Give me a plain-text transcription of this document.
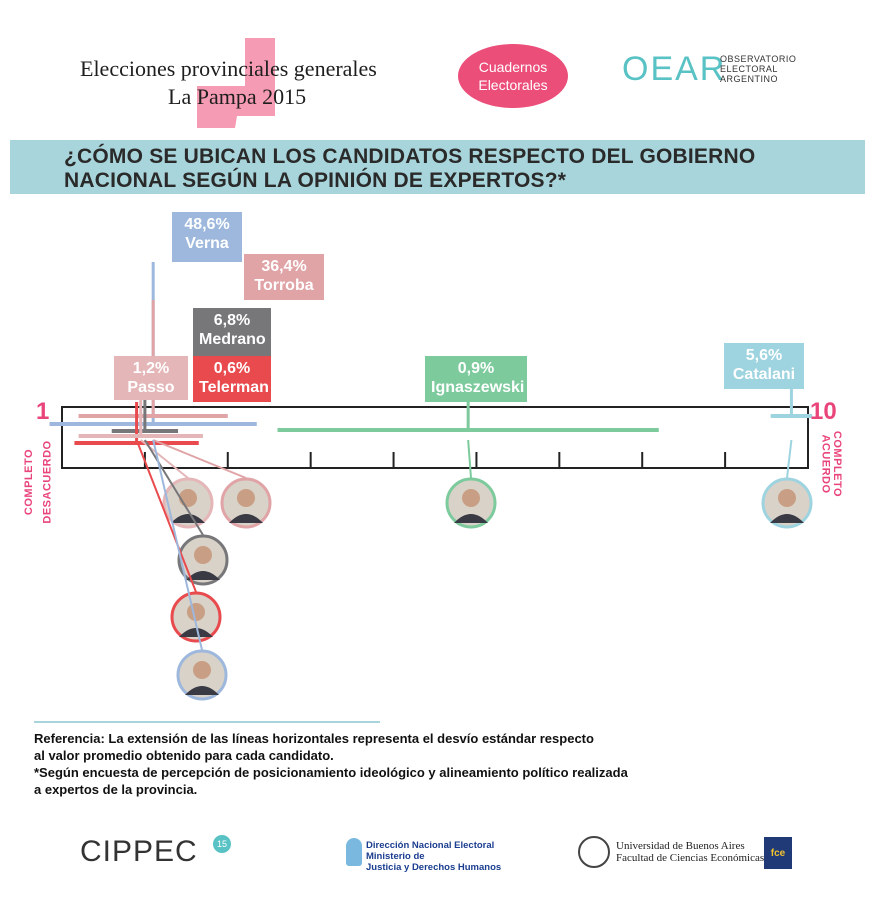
Elecciones provinciales generales
La Pampa 2015
Cuadernos
Electorales OEAR
OBSERVATORIO
ELECTORAL
ARGENTINO
¿CÓMO SE UBICAN LOS CANDIDATOS RESPECTO DEL GOBIERNO
NACIONAL SEGÚN LA OPINIÓN DE EXPERTOS?*
1	10
COMPLETO DESACUERDO	COMPLETO
ACUERDO
48,6%
Verna
36,4%
Torroba
6,8%
Medrano
0,6%
Telerman
1,2%
Passo
0,9%
Ignaszewski
5,6%
Catalani
Referencia: La extensión de las líneas horizontales representa el desvío estándar respecto
al valor promedio obtenido para cada candidato.
*Según encuesta de percepción de posicionamiento ideológico y alineamiento político realizada
a expertos de la provincia.
CIPPEC	15	Dirección Nacional Electoral
Ministerio de
Justicia y Derechos Humanos
Universidad de Buenos Aires
Facultad de Ciencias Económicas fce
